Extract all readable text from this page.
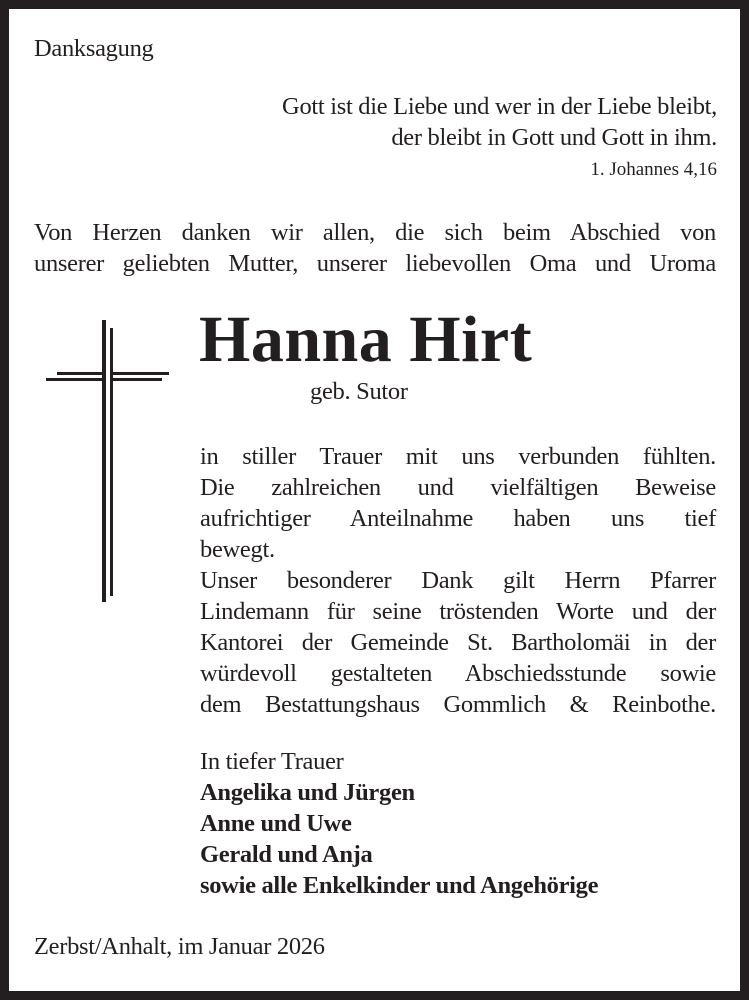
Danksagung

Gott ist die Liebe und wer in der Liebe bleibt,
der bleibt in Gott und Gott in ihm.

1. Johannes 4,16

Von Herzen danken wir allen, die sich beim Abschied von
unserer geliebten Mutter, unserer liebevollen Oma und Uroma

Hanna Hirt

geb. Sutor

in stiller Trauer mit uns verbunden fühlten.
Die zahlreichen und vielfältigen Beweise
aufrichtiger Anteilnahme haben uns tief
bewegt.
Unser besonderer Dank gilt Herrn Pfarrer
Lindemann für seine tröstenden Worte und der
Kantorei der Gemeinde St. Bartholomäi in der
würdevoll gestalteten Abschiedsstunde sowie
dem Bestattungshaus Gommlich & Reinbothe.
In tiefer Trauer
Angelika und Jürgen
Anne und Uwe
Gerald und Anja
sowie alle Enkelkinder und Angehörige

Zerbst/Anhalt, im Januar 2026
